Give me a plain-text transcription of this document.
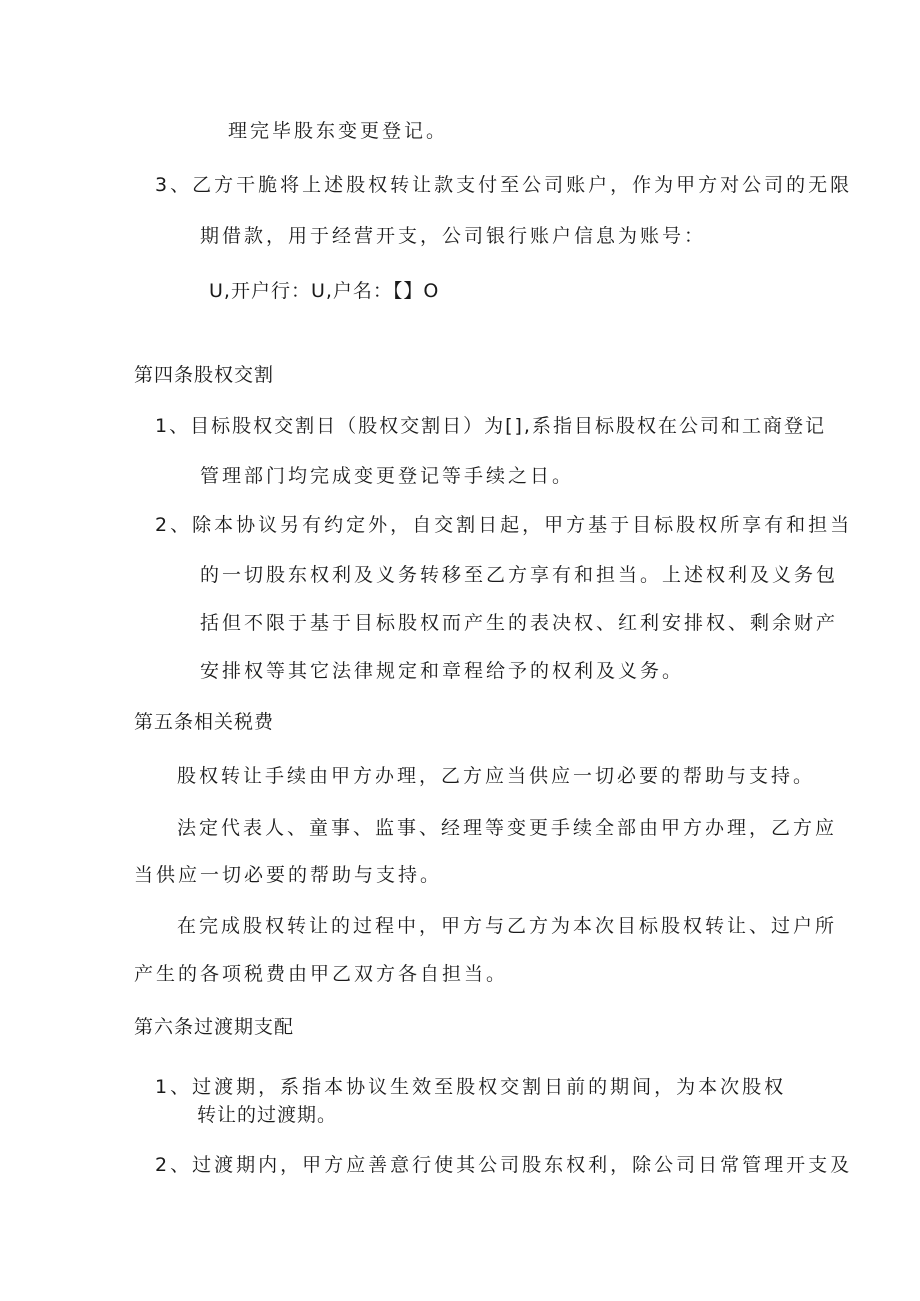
理完毕股东变更登记。
3、乙方干脆将上述股权转让款支付至公司账户，作为甲方对公司的无限
期借款，用于经营开支，公司银行账户信息为账号：
U,开户行：U,户名：【】O
第四条股权交割
1、目标股权交割日（股权交割日）为[],系指目标股权在公司和工商登记
管理部门均完成变更登记等手续之日。
2、除本协议另有约定外，自交割日起，甲方基于目标股权所享有和担当
的一切股东权利及义务转移至乙方享有和担当。上述权利及义务包
括但不限于基于目标股权而产生的表决权、红利安排权、剩余财产
安排权等其它法律规定和章程给予的权利及义务。
第五条相关税费
股权转让手续由甲方办理，乙方应当供应一切必要的帮助与支持。
法定代表人、童事、监事、经理等变更手续全部由甲方办理，乙方应
当供应一切必要的帮助与支持。
在完成股权转让的过程中，甲方与乙方为本次目标股权转让、过户所
产生的各项税费由甲乙双方各自担当。
第六条过渡期支配
1、过渡期，系指本协议生效至股权交割日前的期间，为本次股权
转让的过渡期。
2、过渡期内，甲方应善意行使其公司股东权利，除公司日常管理开支及
